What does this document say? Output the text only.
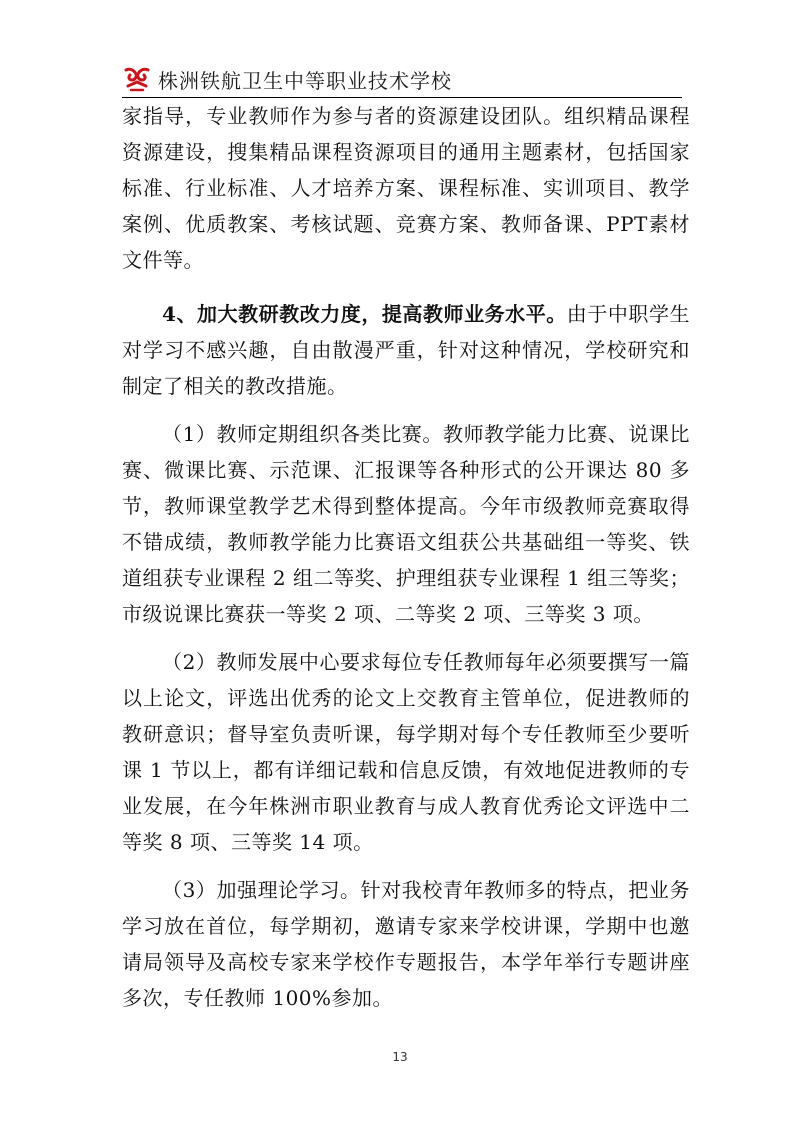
株洲铁航卫生中等职业技术学校

家指导，专业教师作为参与者的资源建设团队。组织精品课程资源建设，搜集精品课程资源项目的通用主题素材，包括国家标准、行业标准、人才培养方案、课程标准、实训项目、教学案例、优质教案、考核试题、竞赛方案、教师备课、PPT素材文件等。

4、加大教研教改力度，提高教师业务水平。由于中职学生对学习不感兴趣，自由散漫严重，针对这种情况，学校研究和制定了相关的教改措施。

（1）教师定期组织各类比赛。教师教学能力比赛、说课比赛、微课比赛、示范课、汇报课等各种形式的公开课达 80 多节，教师课堂教学艺术得到整体提高。今年市级教师竞赛取得不错成绩，教师教学能力比赛语文组获公共基础组一等奖、铁道组获专业课程 2 组二等奖、护理组获专业课程 1 组三等奖；市级说课比赛获一等奖 2 项、二等奖 2 项、三等奖 3 项。

（2）教师发展中心要求每位专任教师每年必须要撰写一篇以上论文，评选出优秀的论文上交教育主管单位，促进教师的教研意识；督导室负责听课，每学期对每个专任教师至少要听课 1 节以上，都有详细记载和信息反馈，有效地促进教师的专业发展，在今年株洲市职业教育与成人教育优秀论文评选中二等奖 8 项、三等奖 14 项。

（3）加强理论学习。针对我校青年教师多的特点，把业务学习放在首位，每学期初，邀请专家来学校讲课，学期中也邀请局领导及高校专家来学校作专题报告，本学年举行专题讲座多次，专任教师 100%参加。

13
